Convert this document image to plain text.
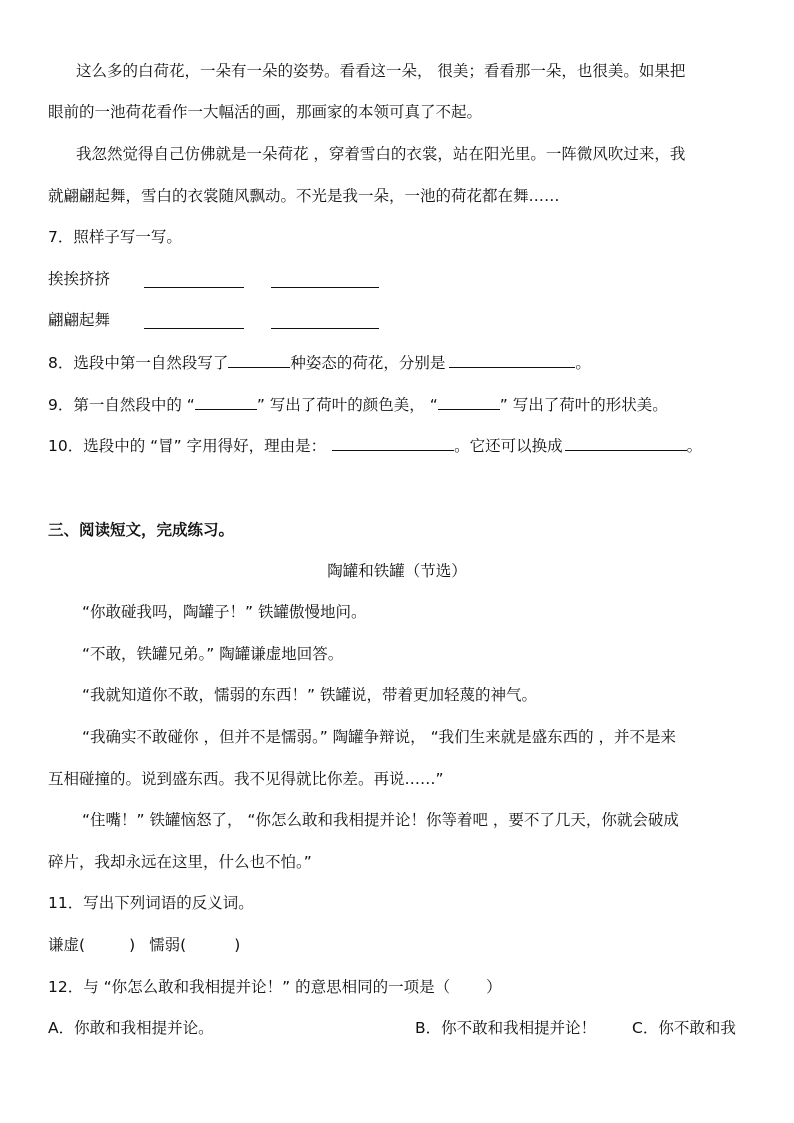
这么多的白荷花，一朵有一朵的姿势。看看这一朵， 很美；看看那一朵，也很美。如果把
眼前的一池荷花看作一大幅活的画，那画家的本领可真了不起。
我忽然觉得自己仿佛就是一朵荷花 ，穿着雪白的衣裳，站在阳光里。一阵微风吹过来，我
就翩翩起舞，雪白的衣裳随风飘动。不光是我一朵，一池的荷花都在舞……
7．照样子写一写。
挨挨挤挤
翩翩起舞
8．选段中第一自然段写了	种姿态的荷花，分别是	。
9．第一自然段中的 “	” 写出了荷叶的颜色美， “	” 写出了荷叶的形状美。
10．选段中的 “冒” 字用得好，理由是：	。它还可以换成	。
三、阅读短文，完成练习。
陶罐和铁罐（节选）
“你敢碰我吗，陶罐子！” 铁罐傲慢地问。
“不敢，铁罐兄弟。” 陶罐谦虚地回答。
“我就知道你不敢，懦弱的东西！” 铁罐说，带着更加轻蔑的神气。
“我确实不敢碰你 ，但并不是懦弱。” 陶罐争辩说， “我们生来就是盛东西的 ，并不是来
互相碰撞的。说到盛东西。我不见得就比你差。再说……”
“住嘴！” 铁罐恼怒了， “你怎么敢和我相提并论！你等着吧 ，要不了几天，你就会破成
碎片，我却永远在这里，什么也不怕。”
11．写出下列词语的反义词。
谦虚(	) 懦弱(	)
12．与 “你怎么敢和我相提并论！” 的意思相同的一项是（ ）
A．你敢和我相提并论。	B．你不敢和我相提并论！ C．你不敢和我
